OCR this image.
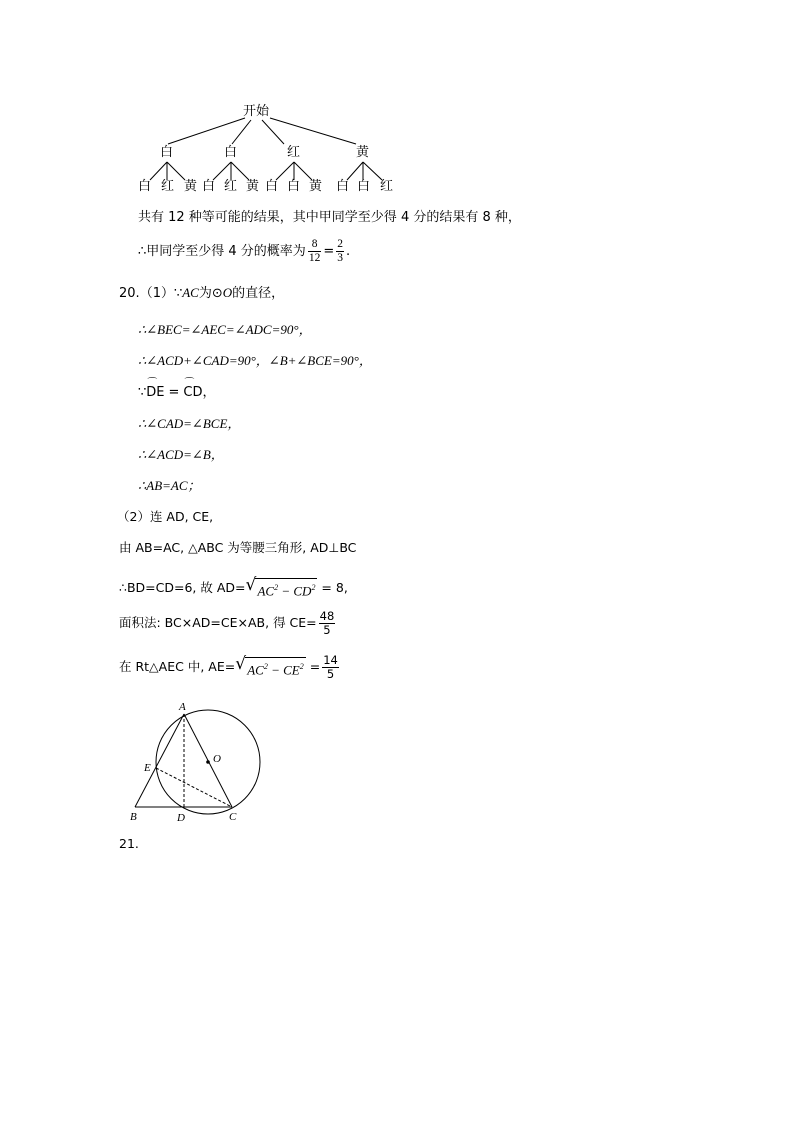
开始
白	白	红	黄
白 红 黄 白 红 黄 白 白 黄 白 白 红
共有 12 种等可能的结果，其中甲同学至少得 4 分的结果有 8 种，
∴甲同学至少得 4 分的概率为 $\frac{8}{12} = \frac{2}{3}$ .
20.（1）∵AC为⊙O的直径，
∴∠BEC=∠AEC=∠ADC=90°，
∴∠ACD+∠CAD=90°，∠B+∠BCE=90°，
∵⌒ DE =⌒ CD，
∴∠CAD=∠BCE，
∴∠ACD=∠B，
∴AB=AC；
（2）连 AD, CE,
由 AB=AC, △ABC 为等腰三角形, AD⊥BC
∴BD=CD=6, 故 AD= √ $AC^2 - CD^2 = 8$,
面积法: BC×AD=CE×AB, 得 $CE= \frac{48}{5}$
在 Rt△AEC 中, AE= √ $AC^2 - CE^2 = \frac{14}{5}$
A
E
O
B	D	C
21.
